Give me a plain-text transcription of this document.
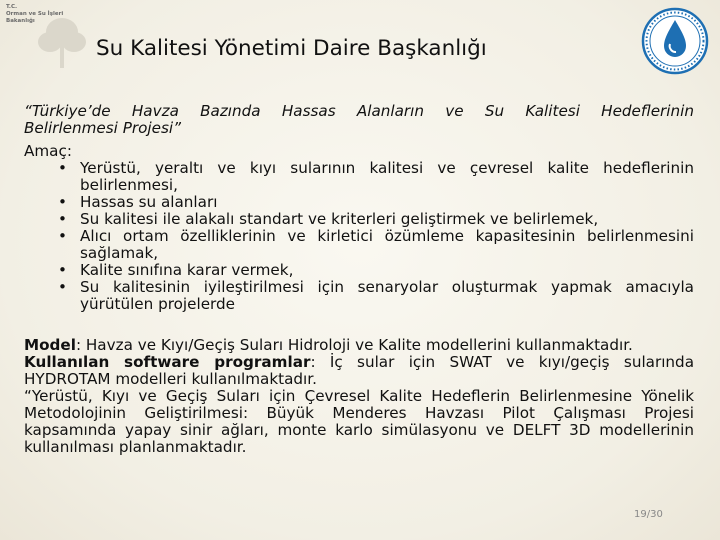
T.C.
Orman ve Su İşleri
Bakanlığı
Su Kalitesi Yönetimi Daire Başkanlığı
“Türkiye’de Havza Bazında Hassas Alanların ve Su Kalitesi Hedeflerinin
Belirlenmesi Projesi”
Amaç:
• Yerüstü, yeraltı ve kıyı sularının kalitesi ve çevresel kalite hedeflerinin belirlenmesi,
• Hassas su alanları
• Su kalitesi ile alakalı standart ve kriterleri geliştirmek ve belirlemek,
• Alıcı ortam özelliklerinin ve kirletici özümleme kapasitesinin belirlenmesini sağlamak,
• Kalite sınıfına karar vermek,
• Su kalitesinin iyileştirilmesi için senaryolar oluşturmak yapmak amacıyla yürütülen projelerde
Model: Havza ve Kıyı/Geçiş Suları Hidroloji ve Kalite modellerini kullanmaktadır.
Kullanılan software programlar: İç sular için SWAT ve kıyı/geçiş sularında
HYDROTAM modelleri kullanılmaktadır.
“Yerüstü, Kıyı ve Geçiş Suları için Çevresel Kalite Hedeflerin Belirlenmesine Yönelik
Metodolojinin Geliştirilmesi: Büyük Menderes Havzası Pilot Çalışması Projesi
kapsamında yapay sinir ağları, monte karlo simülasyonu ve DELFT 3D modellerinin
kullanılması planlanmaktadır.
19/30
